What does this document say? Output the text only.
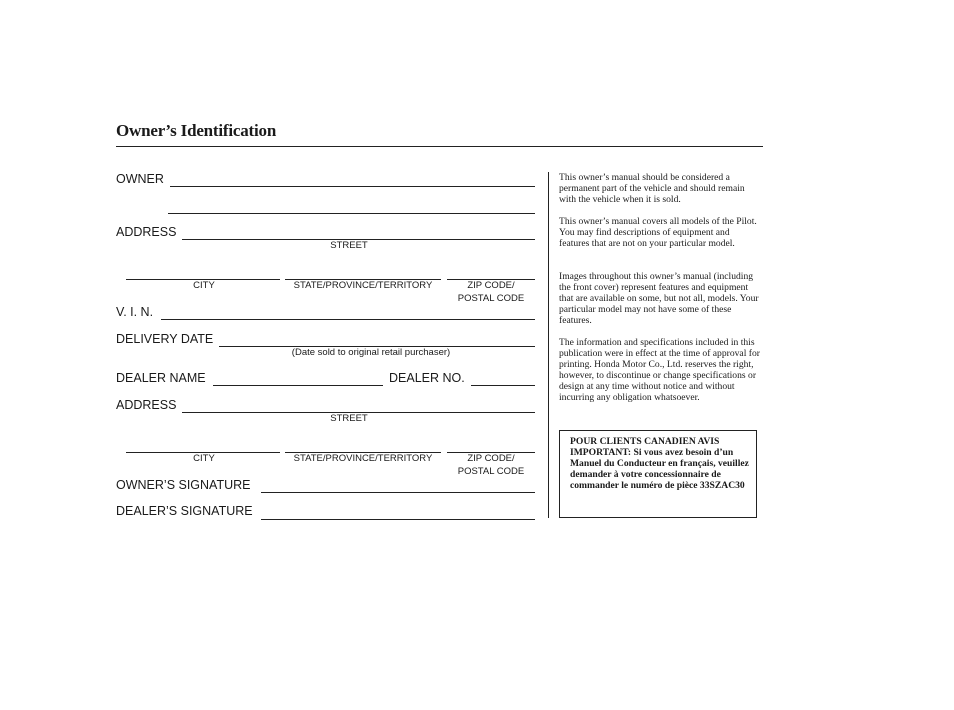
Owner’s Identification
OWNER
ADDRESS
STREET
CITY	STATE/PROVINCE/TERRITORY	ZIP CODE/
POSTAL CODE
V. I. N.
DELIVERY DATE
(Date sold to original retail purchaser)
DEALER NAME	DEALER NO.
ADDRESS
STREET
CITY	STATE/PROVINCE/TERRITORY	ZIP CODE/
POSTAL CODE
OWNER’S SIGNATURE
DEALER’S SIGNATURE
This owner’s manual should be considered a permanent part of the vehicle and should remain with the vehicle when it is sold.
This owner’s manual covers all models of the Pilot. You may find descriptions of equipment and features that are not on your particular model.
Images throughout this owner’s manual (including the front cover) represent features and equipment that are available on some, but not all, models. Your particular model may not have some of these features.
The information and specifications included in this publication were in effect at the time of approval for printing. Honda Motor Co., Ltd. reserves the right, however, to discontinue or change specifications or design at any time without notice and without incurring any obligation whatsoever.
POUR CLIENTS CANADIEN AVIS IMPORTANT: Si vous avez besoin d’un Manuel du Conducteur en français, veuillez demander à votre concessionnaire de commander le numéro de pièce 33SZAC30
